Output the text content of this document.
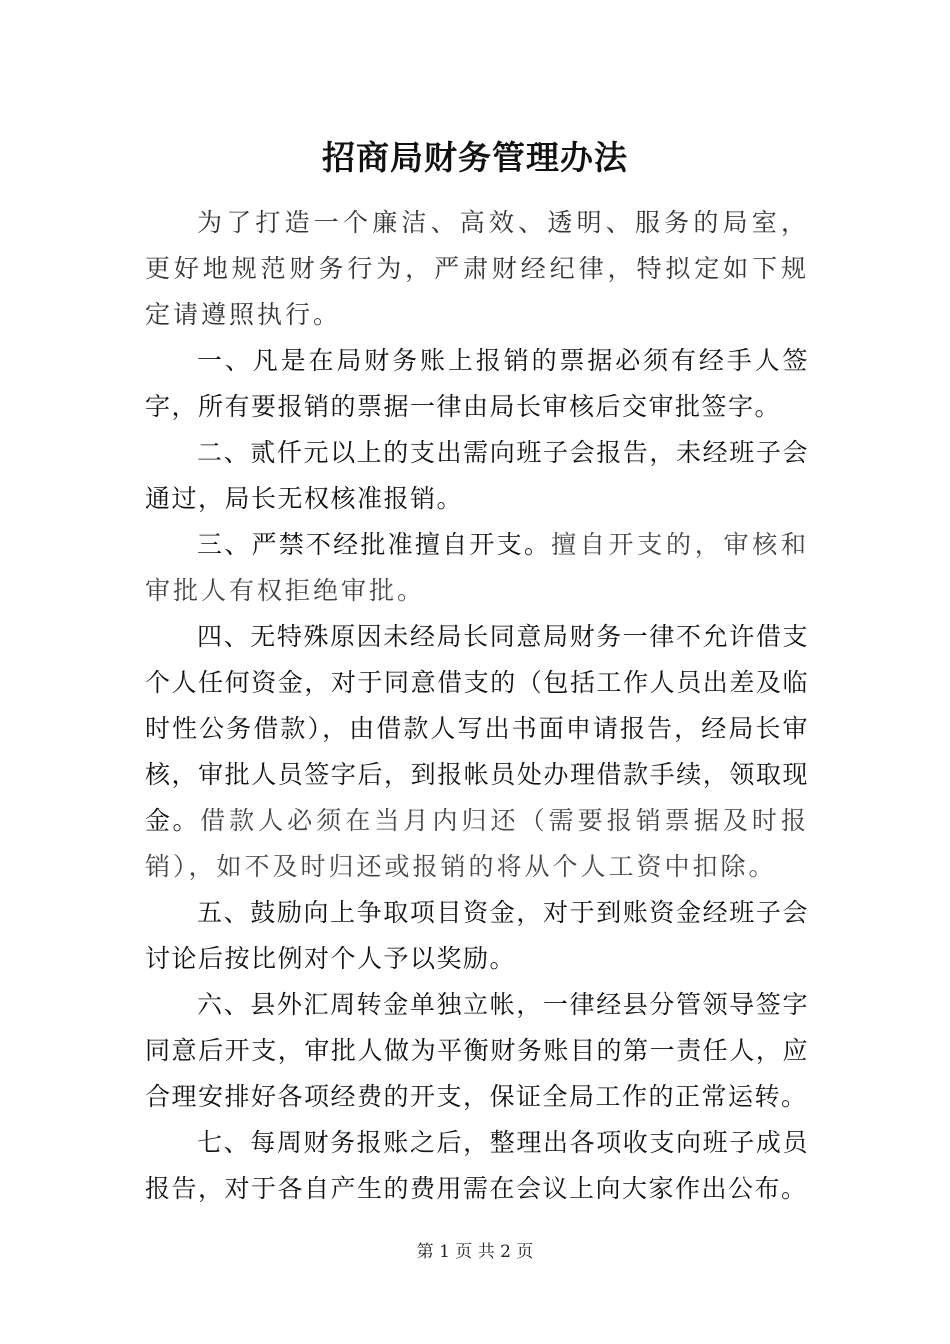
招商局财务管理办法

为了打造一个廉洁、高效、透明、服务的局室，更好地规范财务行为，严肃财经纪律，特拟定如下规定请遵照执行。

一、凡是在局财务账上报销的票据必须有经手人签字，所有要报销的票据一律由局长审核后交审批签字。

二、贰仟元以上的支出需向班子会报告，未经班子会通过，局长无权核准报销。

三、严禁不经批准擅自开支。擅自开支的，审核和审批人有权拒绝审批。

四、无特殊原因未经局长同意局财务一律不允许借支个人任何资金，对于同意借支的（包括工作人员出差及临时性公务借款），由借款人写出书面申请报告，经局长审核，审批人员签字后，到报帐员处办理借款手续，领取现金。借款人必须在当月内归还（需要报销票据及时报销），如不及时归还或报销的将从个人工资中扣除。

五、鼓励向上争取项目资金，对于到账资金经班子会讨论后按比例对个人予以奖励。

六、县外汇周转金单独立帐，一律经县分管领导签字同意后开支，审批人做为平衡财务账目的第一责任人，应合理安排好各项经费的开支，保证全局工作的正常运转。

七、每周财务报账之后，整理出各项收支向班子成员报告，对于各自产生的费用需在会议上向大家作出公布。

第 1 页 共 2 页
